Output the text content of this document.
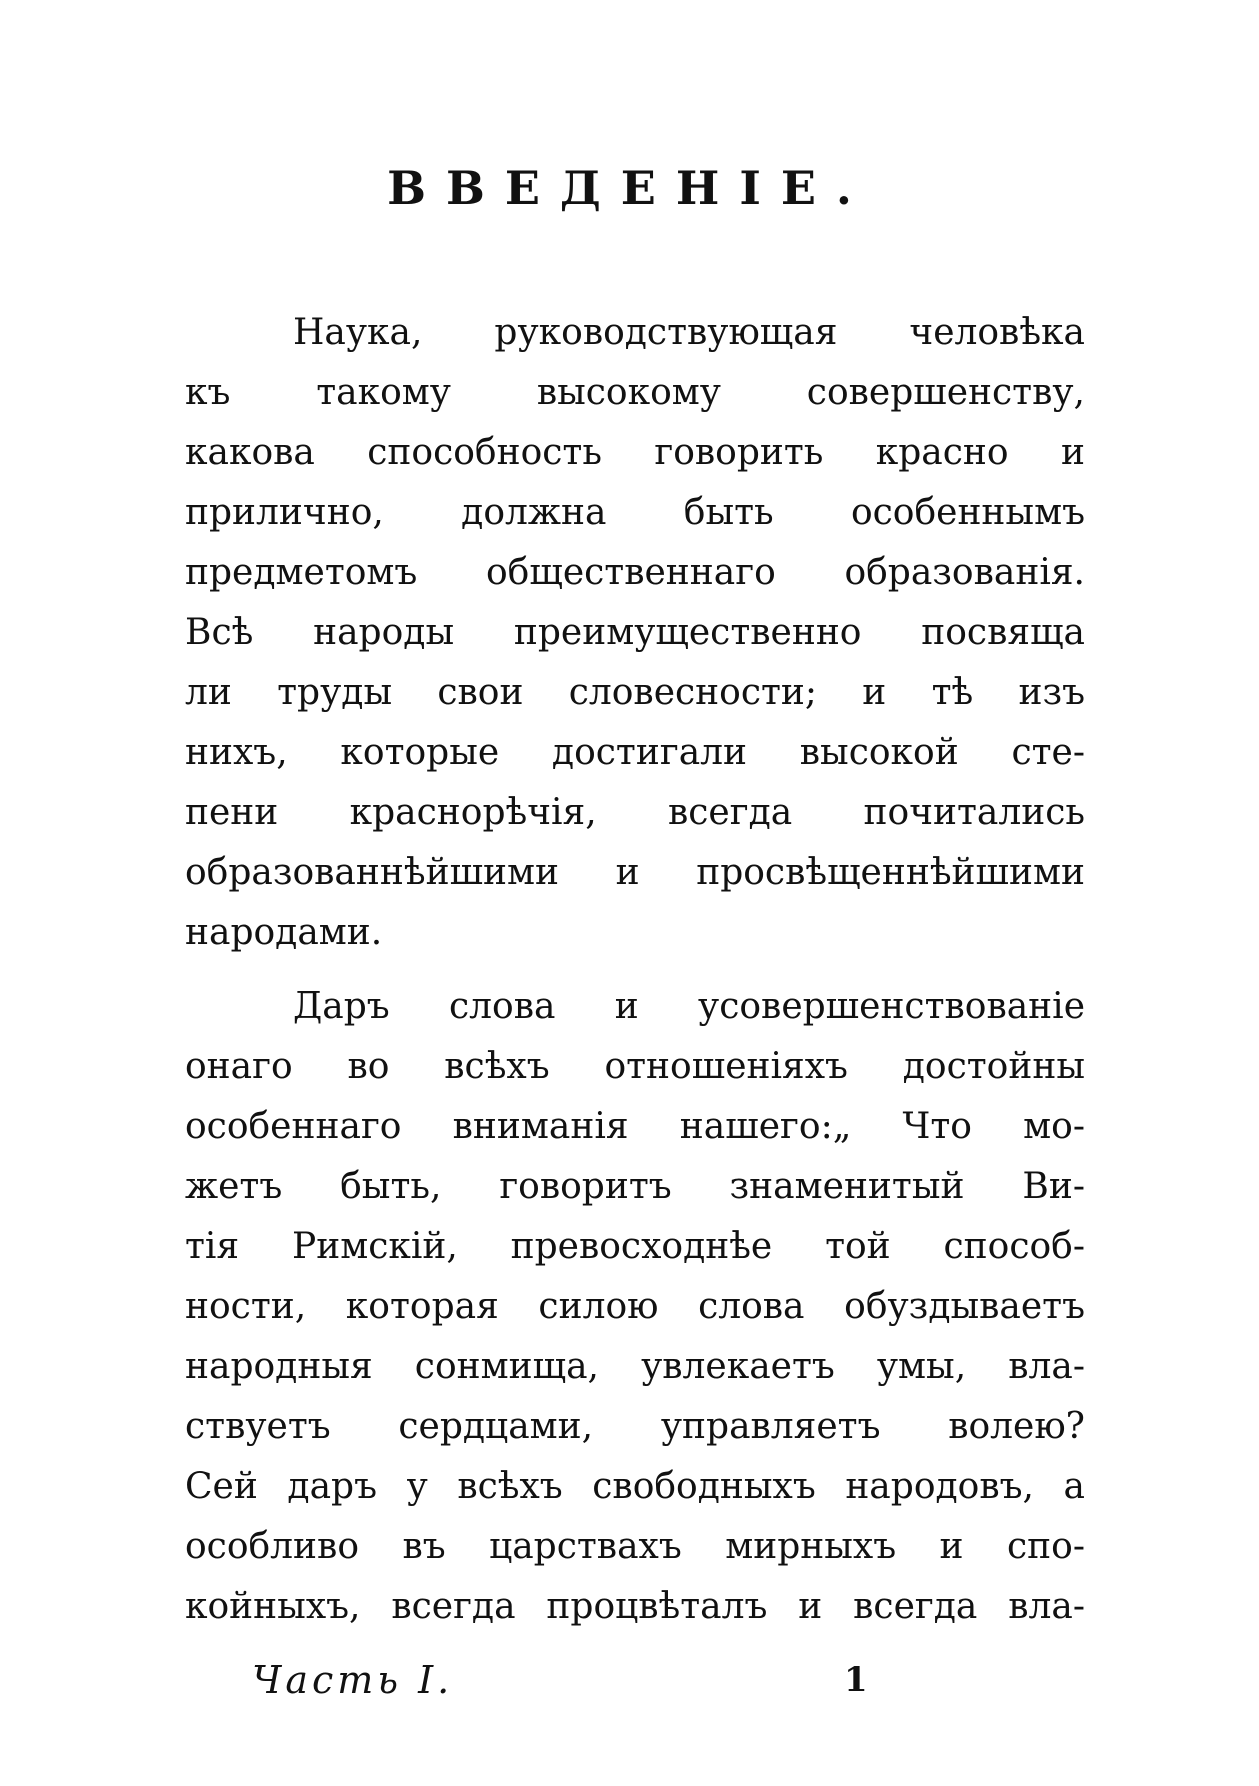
ВВЕДЕНІЕ.
Наука, руководствующая человѣка
къ такому высокому совершенству,
какова способность говорить красно и
прилично, должна быть особеннымъ
предметомъ общественнаго образованія.
Всѣ народы преимущественно посвяща
ли труды свои словесности; и тѣ изъ
нихъ, которые достигали высокой сте-
пени краснорѣчія, всегда почитались
образованнѣйшими и просвѣщеннѣйшими
народами.
Даръ слова и усовершенствованіе
онаго во всѣхъ отношеніяхъ достойны
особеннаго вниманія нашего:„ Что мо-
жетъ быть, говоритъ знаменитый Ви-
тія Римскій, превосходнѣе той способ-
ности, которая силою слова обуздываетъ
народныя сонмища, увлекаетъ умы, вла-
ствуетъ сердцами, управляетъ волею?
Сей даръ у всѣхъ свободныхъ народовъ, а
особливо въ царствахъ мирныхъ и спо-
койныхъ, всегда процвѣталъ и всегда вла-
Часть I.	1
